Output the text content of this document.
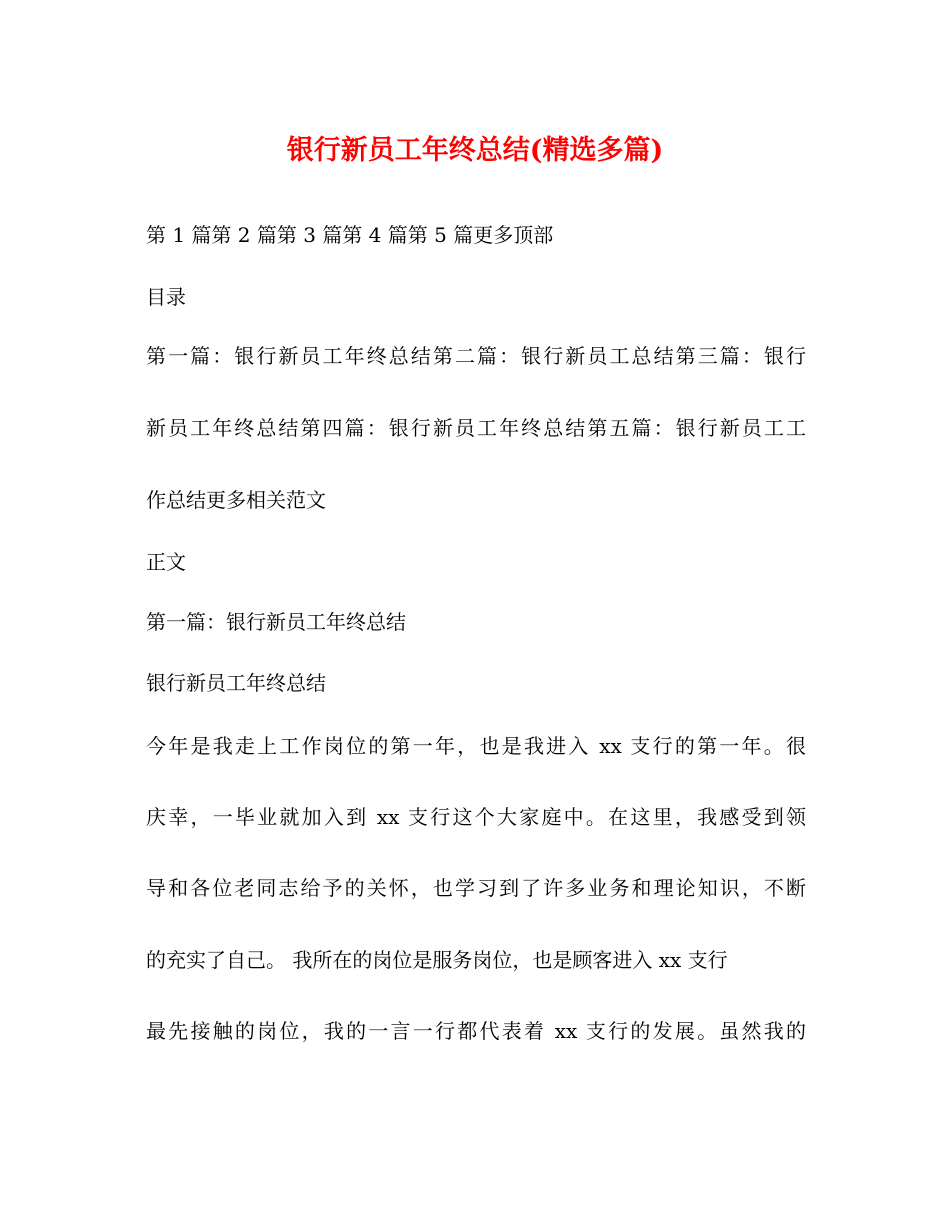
银行新员工年终总结(精选多篇)
第 1 篇第 2 篇第 3 篇第 4 篇第 5 篇更多顶部
目录
第一篇：银行新员工年终总结第二篇：银行新员工总结第三篇：银行
新员工年终总结第四篇：银行新员工年终总结第五篇：银行新员工工
作总结更多相关范文
正文
第一篇：银行新员工年终总结
银行新员工年终总结
今年是我走上工作岗位的第一年，也是我进入 xx 支行的第一年。很
庆幸，一毕业就加入到 xx 支行这个大家庭中。在这里，我感受到领
导和各位老同志给予的关怀，也学习到了许多业务和理论知识，不断
的充实了自己。 我所在的岗位是服务岗位，也是顾客进入 xx 支行
最先接触的岗位，我的一言一行都代表着 xx 支行的发展。虽然我的
